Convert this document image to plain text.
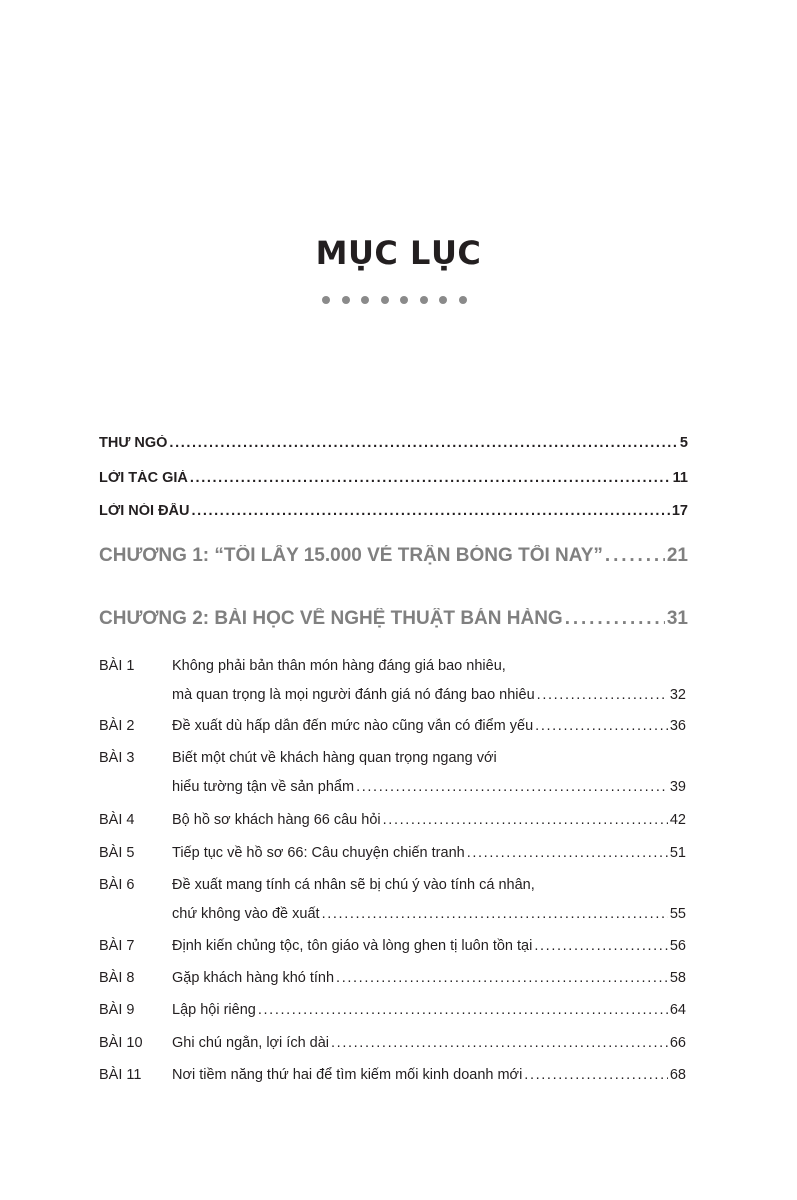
MỤC LỤC
THƯ NGỎ . . .	5
LỜI TÁC GIẢ . . .	11
LỜI NÓI ĐẦU . . .	17
CHƯƠNG 1: “TÔI LẤY 15.000 VÉ TRẬN BÓNG TỐI NAY” . . .	21
CHƯƠNG 2: BÀI HỌC VỀ NGHỆ THUẬT BÁN HÀNG . . .	31
BÀI 1	Không phải bản thân món hàng đáng giá bao nhiêu,
mà quan trọng là mọi người đánh giá nó đáng bao nhiêu . . .	32
BÀI 2	Đề xuất dù hấp dẫn đến mức nào cũng vẫn có điểm yếu . . .	36
BÀI 3	Biết một chút về khách hàng quan trọng ngang với
hiểu tường tận về sản phẩm . . .	39
BÀI 4	Bộ hồ sơ khách hàng 66 câu hỏi . . .	42
BÀI 5	Tiếp tục về hồ sơ 66: Câu chuyện chiến tranh . . .	51
BÀI 6	Đề xuất mang tính cá nhân sẽ bị chú ý vào tính cá nhân,
chứ không vào đề xuất . . .	55
BÀI 7	Định kiến chủng tộc, tôn giáo và lòng ghen tị luôn tồn tại . . .	56
BÀI 8	Gặp khách hàng khó tính . . .	58
BÀI 9	Lập hội riêng . . .	64
BÀI 10 Ghi chú ngắn, lợi ích dài . . .	66
BÀI 11 Nơi tiềm năng thứ hai để tìm kiếm mối kinh doanh mới . . .	68
